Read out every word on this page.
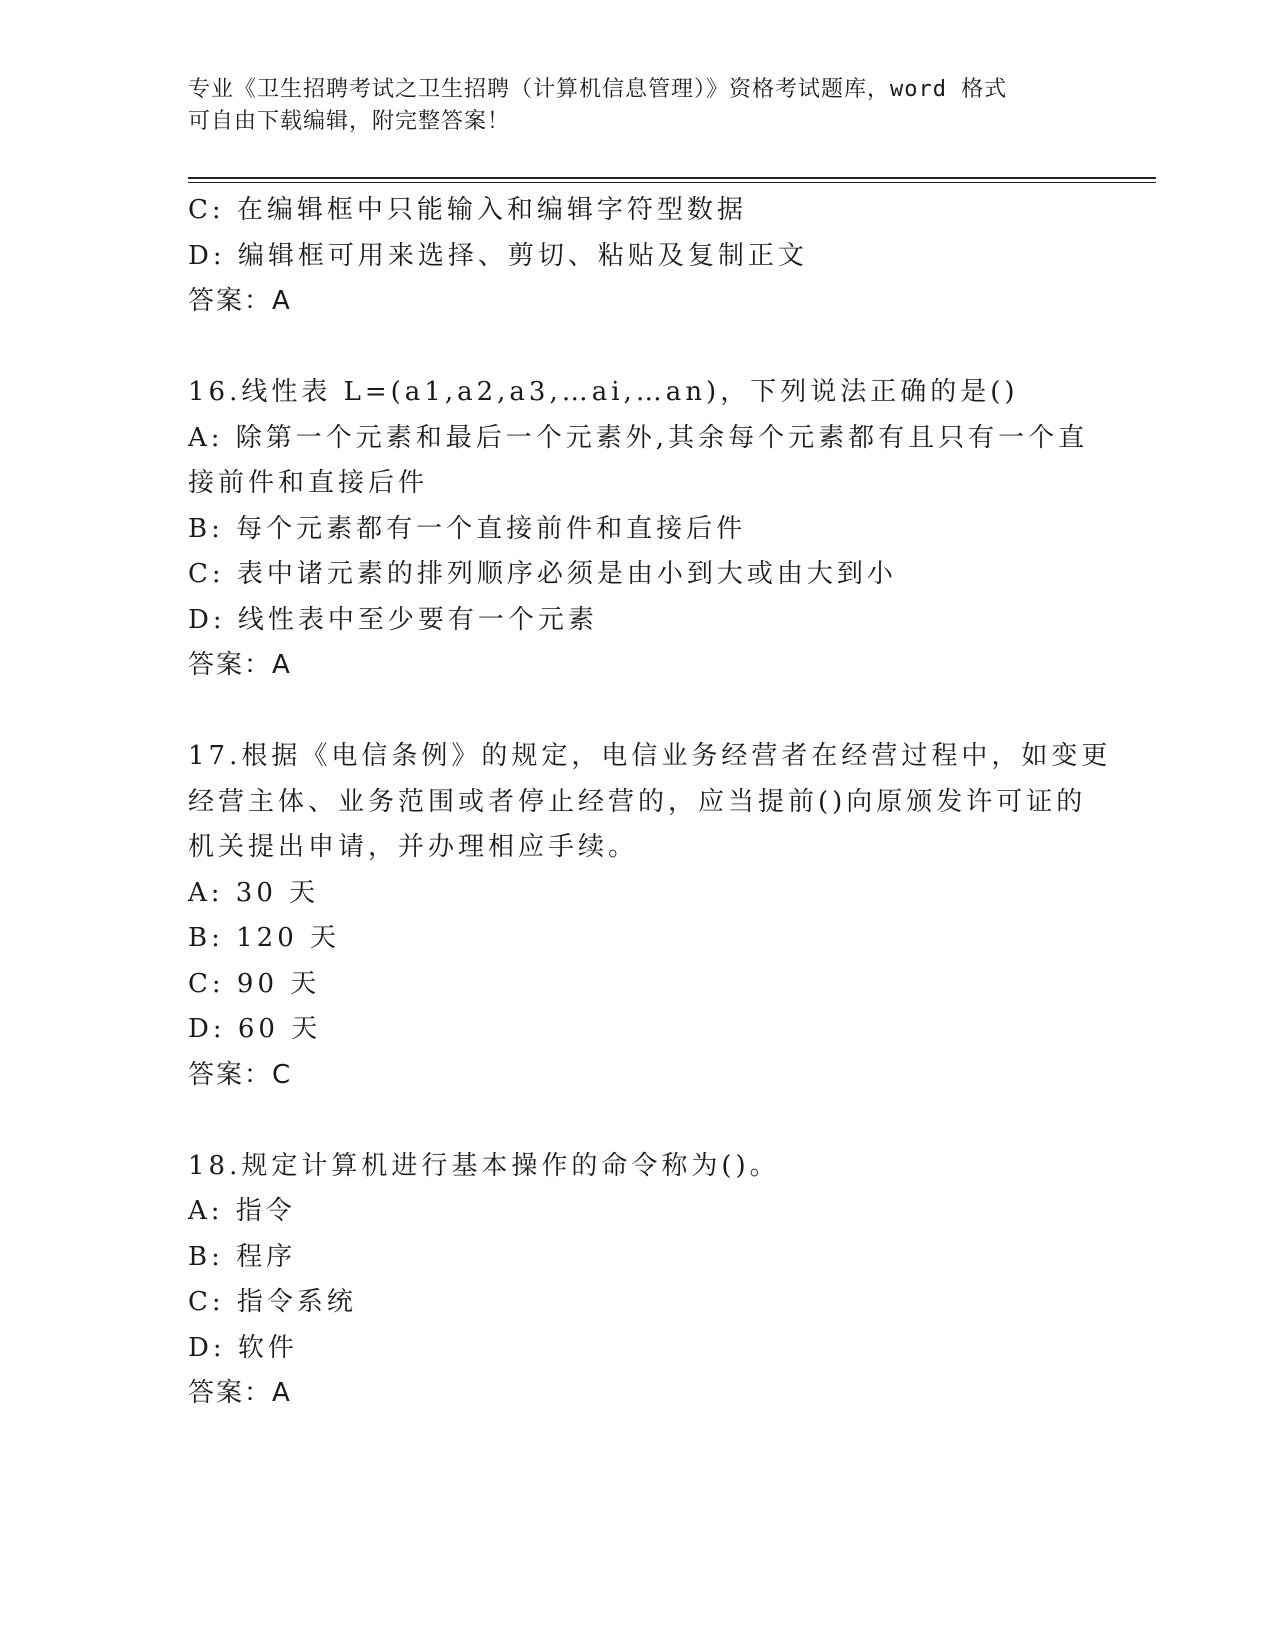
专业《卫生招聘考试之卫生招聘（计算机信息管理）》资格考试题库，word 格式
可自由下载编辑，附完整答案！
C: 在编辑框中只能输入和编辑字符型数据
D: 编辑框可用来选择、剪切、粘贴及复制正文
答案：A
16.线性表 L=(a1,a2,a3,…ai,…an)，下列说法正确的是()
A: 除第一个元素和最后一个元素外,其余每个元素都有且只有一个直
接前件和直接后件
B: 每个元素都有一个直接前件和直接后件
C: 表中诸元素的排列顺序必须是由小到大或由大到小
D: 线性表中至少要有一个元素
答案：A
17.根据《电信条例》的规定，电信业务经营者在经营过程中，如变更
经营主体、业务范围或者停止经营的，应当提前()向原颁发许可证的
机关提出申请，并办理相应手续。
A: 30 天
B: 120 天
C: 90 天
D: 60 天
答案：C
18.规定计算机进行基本操作的命令称为()。
A: 指令
B: 程序
C: 指令系统
D: 软件
答案：A
